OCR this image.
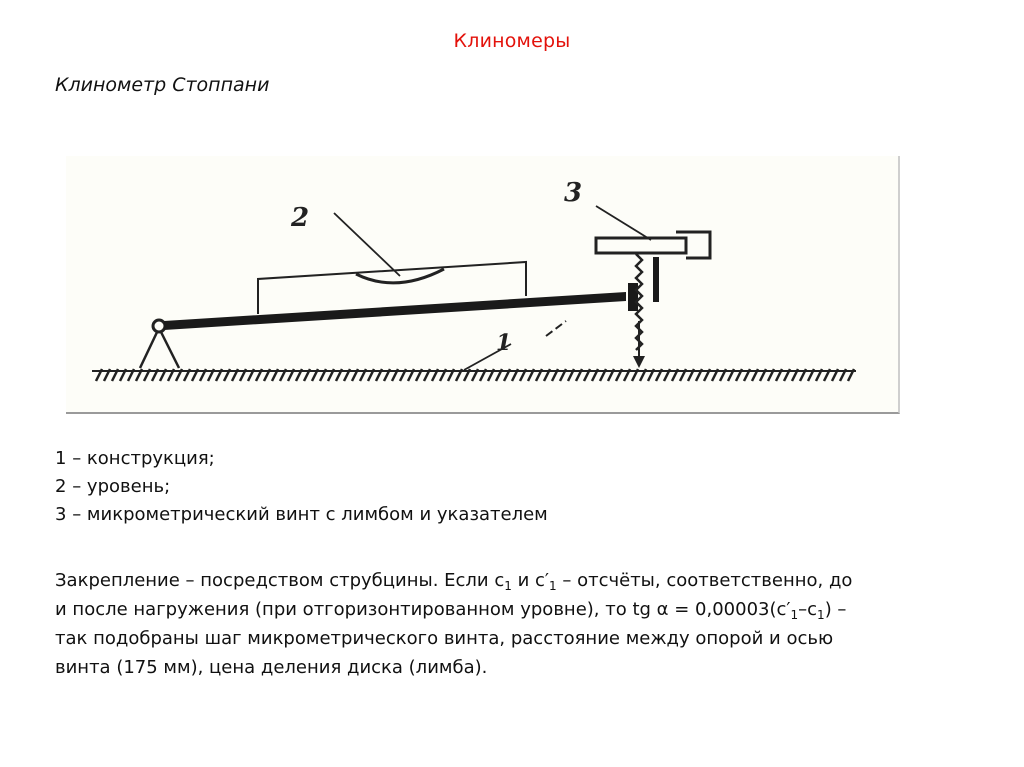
Клиномеры
Клинометр Стоппани
2
3
1
1 – конструкция;
2 – уровень;
3 – микрометрический винт с лимбом и указателем
Закрепление – посредством струбцины. Если $с_1$ и $с'_1$ – отсчёты, соответственно, до
и после нагружения (при отгоризонтированном уровне), то tg $\alpha = 0,00003(с'_1-с_1)$ –
так подобраны шаг микрометрического винта, расстояние между опорой и осью
винта (175 мм), цена деления диска (лимба).
